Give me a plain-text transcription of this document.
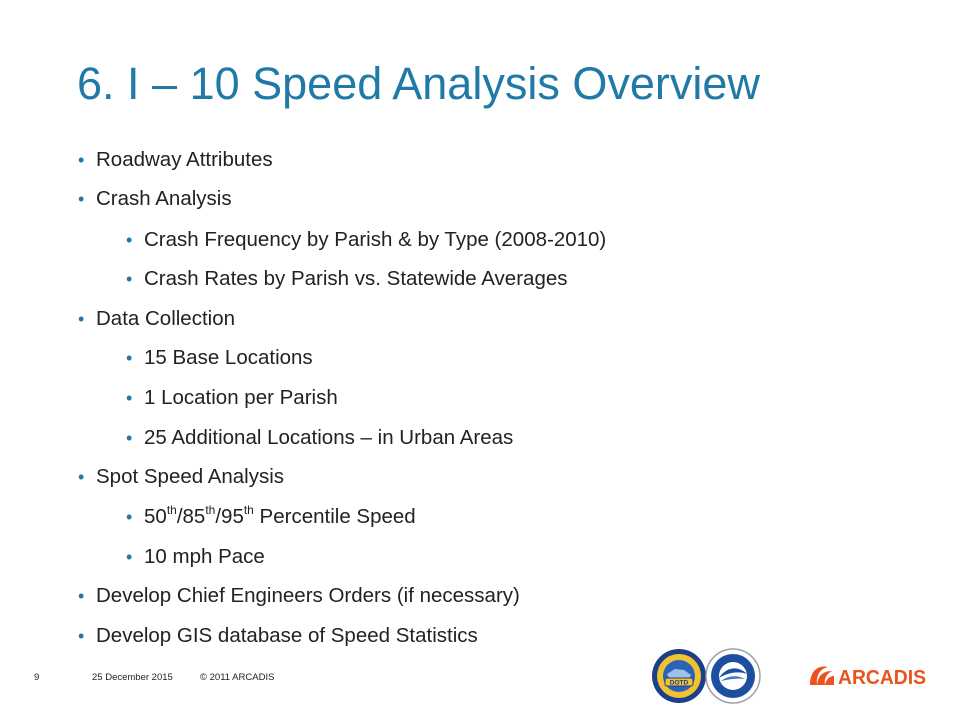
6. I – 10 Speed Analysis Overview
• Roadway Attributes
• Crash Analysis
• Crash Frequency by Parish & by Type (2008-2010)
• Crash Rates by Parish vs. Statewide Averages
• Data Collection
• 15 Base Locations
• 1 Location per Parish
• 25 Additional Locations – in Urban Areas
• Spot Speed Analysis
• 50th/85th/95th Percentile Speed
• 10 mph Pace
• Develop Chief Engineers Orders (if necessary)
• Develop GIS database of Speed Statistics
9	25 December 2015	© 2011 ARCADIS	DOTD	ARCADIS
